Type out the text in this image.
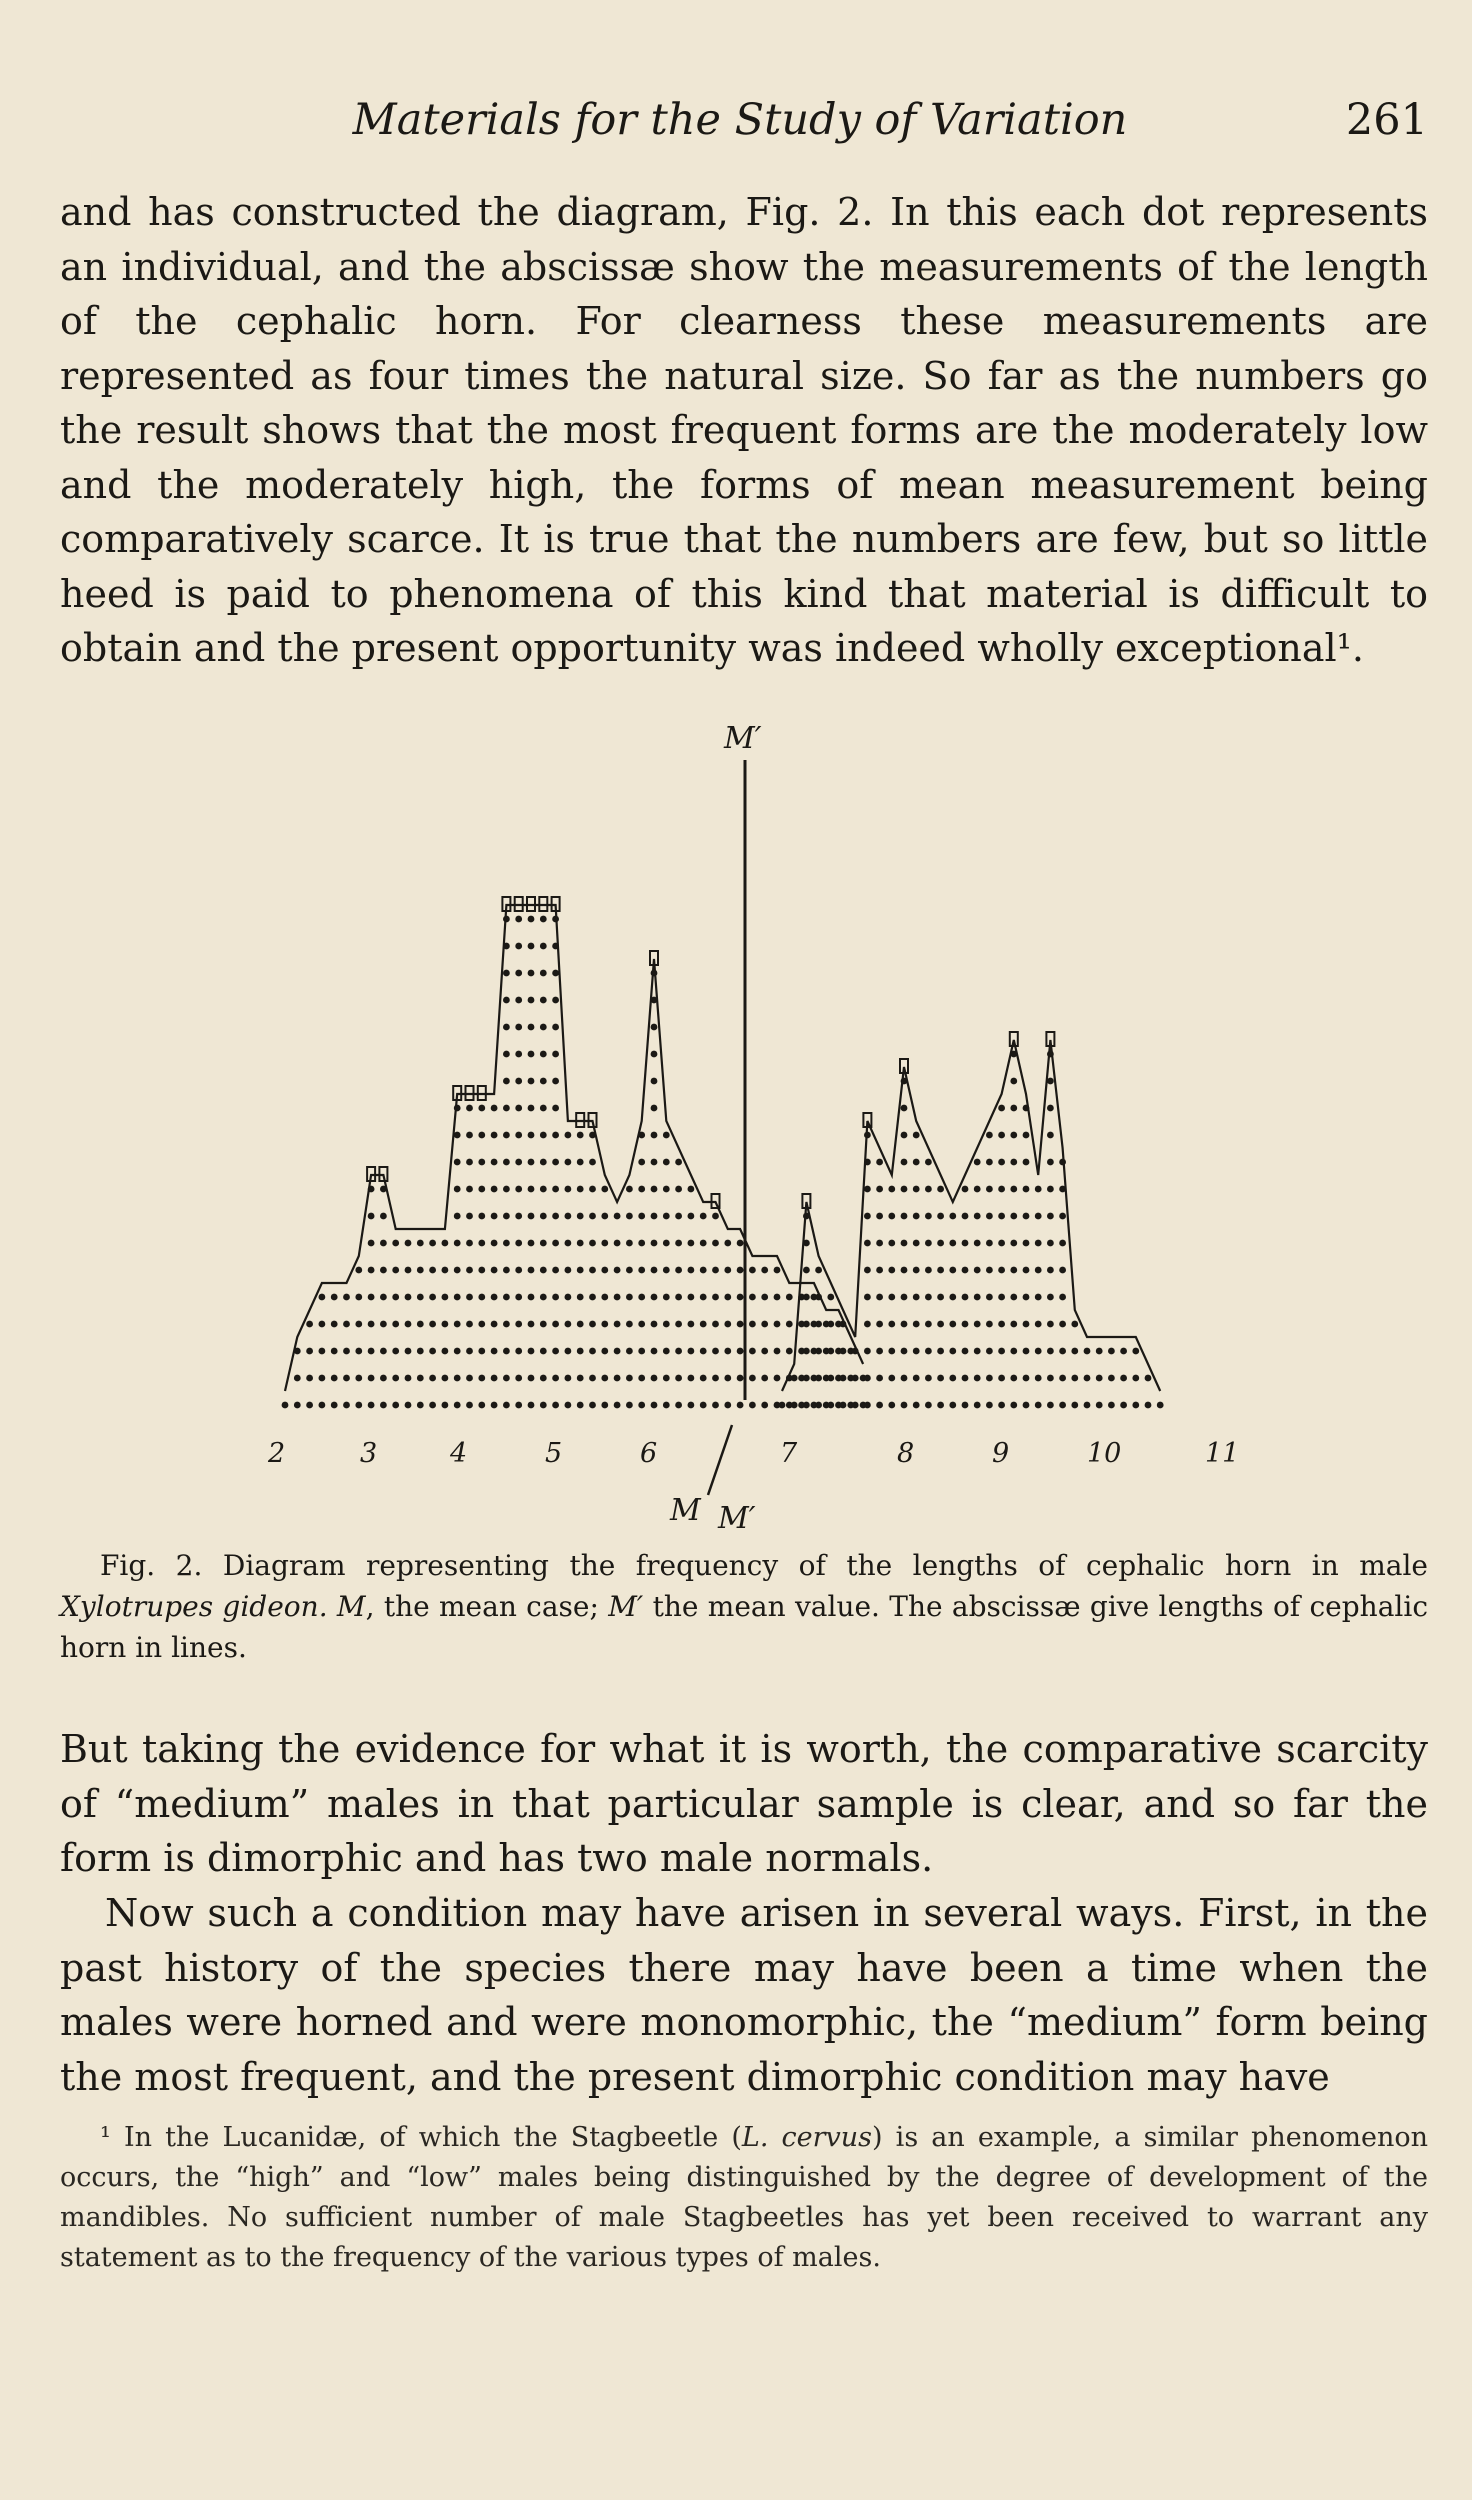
Materials for the Study of Variation	261

and has constructed the diagram, Fig. 2. In this each dot represents an individual, and the abscissæ show the measurements of the length of the cephalic horn. For clearness these measurements are represented as four times the natural size. So far as the numbers go the result shows that the most frequent forms are the moderately low and the moderately high, the forms of mean measurement being comparatively scarce. It is true that the numbers are few, but so little heed is paid to phenomena of this kind that material is difficult to obtain and the present opportunity was indeed wholly exceptional¹.

M′
M M′
2	3	4	5	6	7	8	9	10	11

Fig. 2. Diagram representing the frequency of the lengths of cephalic horn in male Xylotrupes gideon. M, the mean case; M′ the mean value. The abscissæ give lengths of cephalic horn in lines.

But taking the evidence for what it is worth, the comparative scarcity of “medium” males in that particular sample is clear, and so far the form is dimorphic and has two male normals.

Now such a condition may have arisen in several ways. First, in the past history of the species there may have been a time when the males were horned and were monomorphic, the “medium” form being the most frequent, and the present dimorphic condition may have

¹ In the Lucanidæ, of which the Stagbeetle (L. cervus) is an example, a similar phenomenon occurs, the “high” and “low” males being distinguished by the degree of development of the mandibles. No sufficient number of male Stagbeetles has yet been received to warrant any statement as to the frequency of the various types of males.
